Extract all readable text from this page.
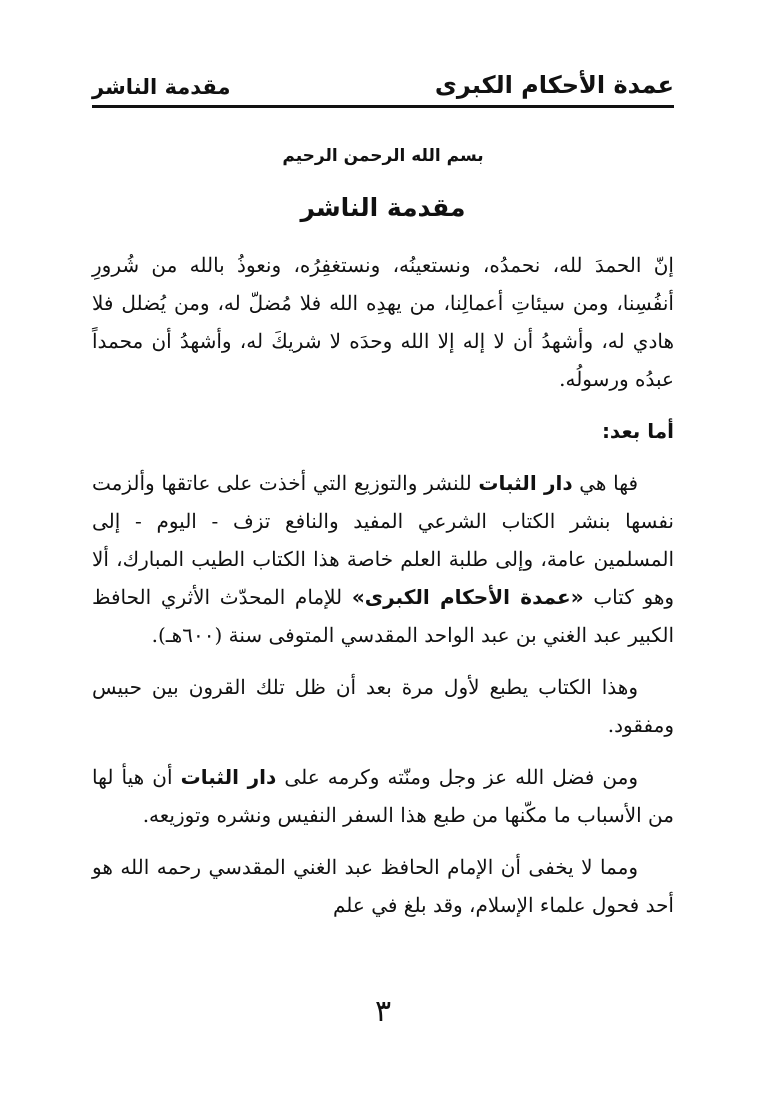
عمدة الأحكام الكبرى
مقدمة الناشر
بسم الله الرحمن الرحيم
مقدمة الناشر

إنّ الحمدَ لله، نحمدُه، ونستعينُه، ونستغفِرُه، ونعوذُ بالله من شُرورِ أنفُسِنا، ومن سيئاتِ أعمالِنا، من يهدِه الله فلا مُضلّ له، ومن يُضلل فلا هادي له، وأشهدُ أن لا إله إلا الله وحدَه لا شريكَ له، وأشهدُ أن محمداً عبدُه ورسولُه.

أما بعد:

فها هي دار الثبات للنشر والتوزيع التي أخذت على عاتقها وألزمت نفسها بنشر الكتاب الشرعي المفيد والنافع تزف - اليوم - إلى المسلمين عامة، وإلى طلبة العلم خاصة هذا الكتاب الطيب المبارك، ألا وهو كتاب «عمدة الأحكام الكبرى» للإمام المحدّث الأثري الحافظ الكبير عبد الغني بن عبد الواحد المقدسي المتوفى سنة (٦٠٠هـ).

وهذا الكتاب يطبع لأول مرة بعد أن ظل تلك القرون بين حبيس ومفقود.

ومن فضل الله عز وجل ومنّته وكرمه على دار الثبات أن هيأ لها من الأسباب ما مكّنها من طبع هذا السفر النفيس ونشره وتوزيعه.

ومما لا يخفى أن الإمام الحافظ عبد الغني المقدسي رحمه الله هو أحد فحول علماء الإسلام، وقد بلغ في علم

٣
